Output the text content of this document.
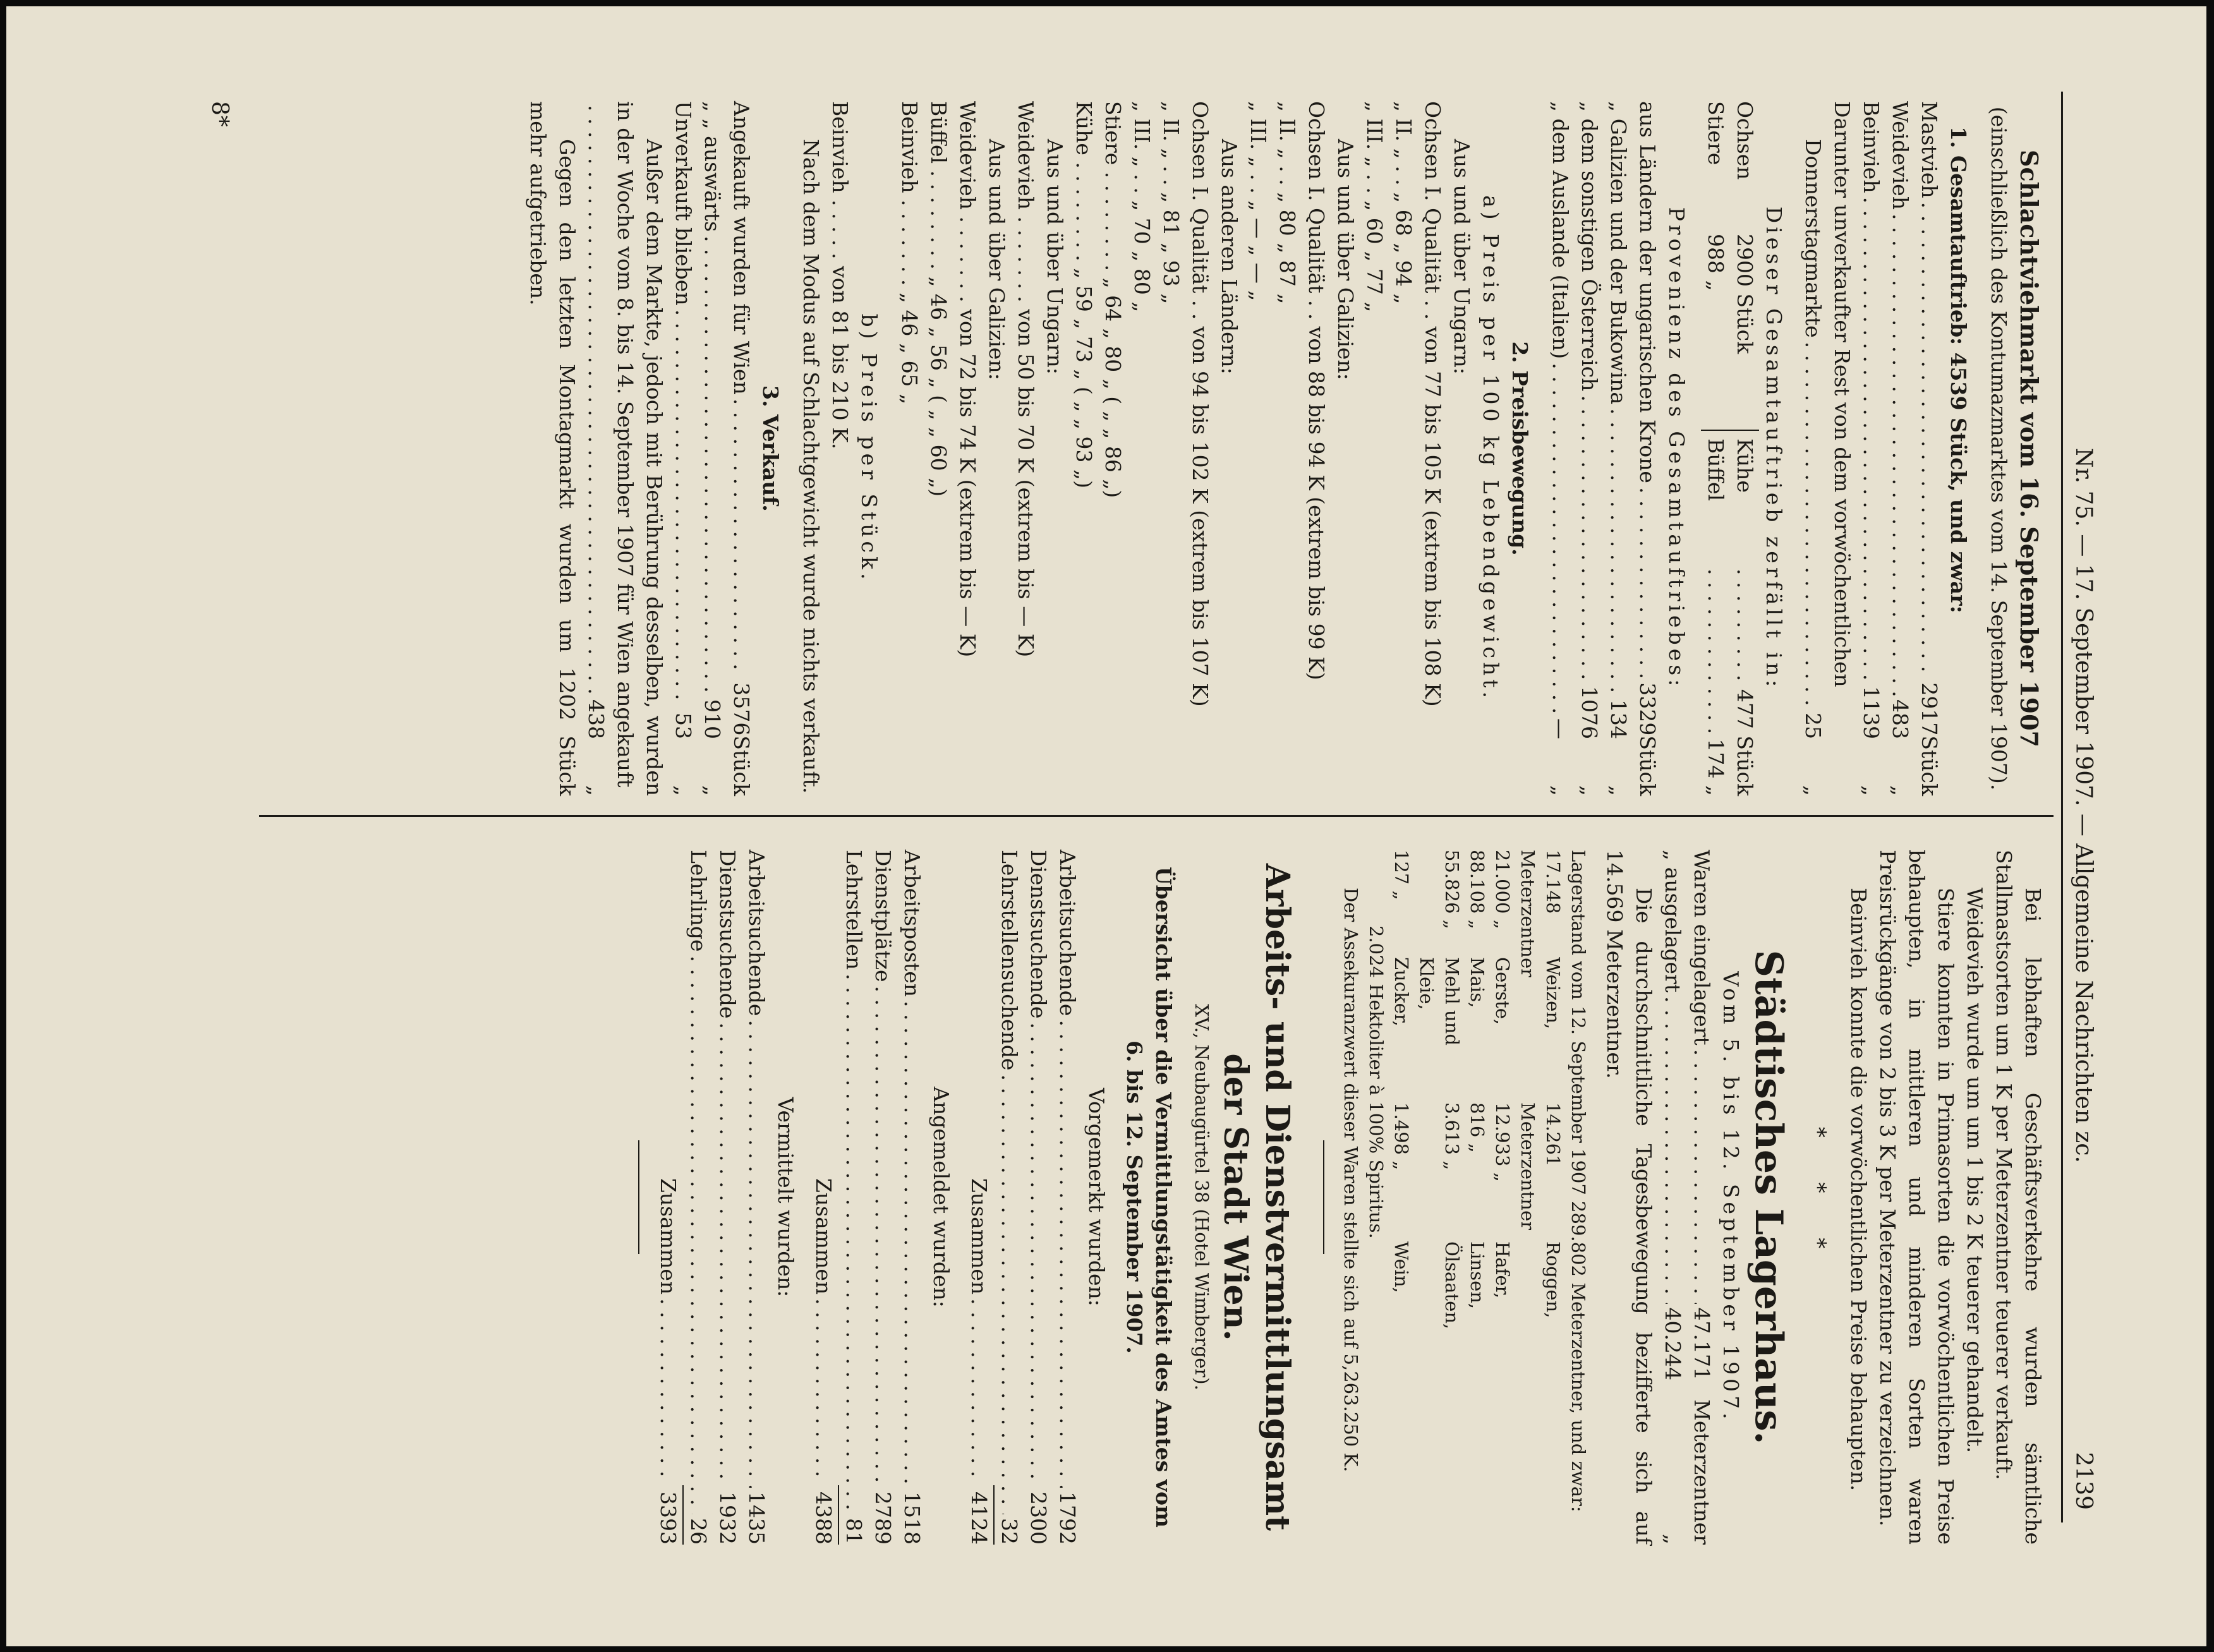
Nr. 75. — 17. September 1907. — Allgemeine Nachrichten zc.
2139
Schlachtviehmarkt vom 16. September 1907
(einschließlich des Kontumazmarktes vom 14. September 1907).
1. Gesamtauftrieb: 4539 Stück, und zwar:
Mastvieh
. . .
2917
Stück
Weidevieh
. . .
483
„
Beinvieh
. . .
1139
„
Darunter unverkaufter Rest von dem vorwöchentlichen
Donnerstagmarkte
. . .
25
„
Dieser Gesamtauftrieb zerfällt in:
Ochsen
2900 Stück
Kühe
. . .
477 Stück
Stiere
988 „
Büffel
. . .
174 „
Provenienz des Gesamtauftriebes:
aus Ländern der ungarischen Krone
. . .
3329
Stück
„ Galizien und der Bukowina
. . .
134
„
„ dem sonstigen Österreich
. . .
1076
„
„ dem Auslande (Italien)
. . .
—
„
2. Preisbewegung.
a) Preis per 100 kg Lebendgewicht.
Aus und über Ungarn:
Ochsen I. Qualität . . von 77 bis 105 K (extrem bis 108 K)
„ II. „ . . „ 68 „ 94 „
„ III. „ . . „ 60 „ 77 „
Aus und über Galizien:
Ochsen I. Qualität . . von 88 bis 94 K (extrem bis 99 K)
„ II. „ . . „ 80 „ 87 „
„ III. „ . . „ — „ — „
Aus anderen Ländern:
Ochsen I. Qualität . . von 94 bis 102 K (extrem bis 107 K)
„ II. „ . . „ 81 „ 93 „
„ III. „ . . „ 70 „ 80 „
Stiere . . . . . . . . „ 64 „ 80 „ ( „ „ 86 „)
Kühe . . . . . . . . „ 59 „ 73 „ ( „ „ 93 „)
Aus und über Ungarn:
Weidevieh . . . . . . . von 50 bis 70 K (extrem bis — K)
Aus und über Galizien:
Weidevieh . . . . . . . von 72 bis 74 K (extrem bis — K)
Büffel . . . . . . . . „ 46 „ 56 „ ( „ „ 60 „)
Beinvieh . . . . . . . „ 46 „ 65 „
b) Preis per Stück.
Beinvieh . . . . . von 81 bis 210 K.
Nach dem Modus auf Schlachtgewicht wurde nichts verkauft.
3. Verkauf.
Angekauft wurden für Wien
. . .
3576
Stück
„ „ auswärts
. . .
910
„
Unverkauft blieben
. . .
53
„
Außer dem Markte, jedoch mit Berührung desselben, wurden in der Woche vom 8. bis 14. September 1907 für Wien angekauft
. . .
438
„
Gegen den letzten Montagmarkt wurden um 1202 Stück mehr aufgetrieben.
Bei lebhaften Geschäftsverkehre wurden sämtliche Stallmastsorten um 1 K per Meterzentner teuerer verkauft.
Weidevieh wurde um um 1 bis 2 K teuerer gehandelt.
Stiere konnten in Primasorten die vorwöchentlichen Preise behaupten, in mittleren und minderen Sorten waren Preisrückgänge von 2 bis 3 K per Meterzentner zu verzeichnen.
Beinvieh konnte die vorwöchentlichen Preise behaupten.
* * *
Städtisches Lagerhaus.
Vom 5. bis 12. September 1907.
Waren eingelagert
. . .
47.171
Meterzentner
„ ausgelagert
. . .
40.244
„
Die durchschnittliche Tagesbewegung bezifferte sich auf 14.569 Meterzentner.
Lagerstand vom 12. September 1907 289.802 Meterzentner, und zwar:
17.148 Meterzentner
Weizen,
14.261 Meterzentner
Roggen,
21.000 „
Gerste,
12.933 „
Hafer,
88.108 „
Mais,
816 „
Linsen,
55.826 „
Mehl und Kleie,
3.613 „
Ölsaaten,
127 „
Zucker,
1.498 „
Wein,
2.024 Hektoliter à 100% Spiritus.
Der Assekuranzwert dieser Waren stellte sich auf 5,263.250 K.
Arbeits- und Dienstvermittlungsamt
der Stadt Wien.
XV., Neubaugürtel 38 (Hotel Wimberger).
Übersicht über die Vermittlungstätigkeit des Amtes vom
6. bis 12. September 1907.
Vorgemerkt wurden:
Arbeitsuchende
. . .
1792
Dienstsuchende
. . .
2300
Lehrstellensuchende
. . .
32
Zusammen
. . .
4124
Angemeldet wurden:
Arbeitsposten
. . .
1518
Dienstplätze
. . .
2789
Lehrstellen
. . .
81
Zusammen
. . .
4388
Vermittelt wurden:
Arbeitsuchende
. . .
1435
Dienstsuchende
. . .
1932
Lehrlinge
. . .
26
Zusammen
. . .
3393
8*
